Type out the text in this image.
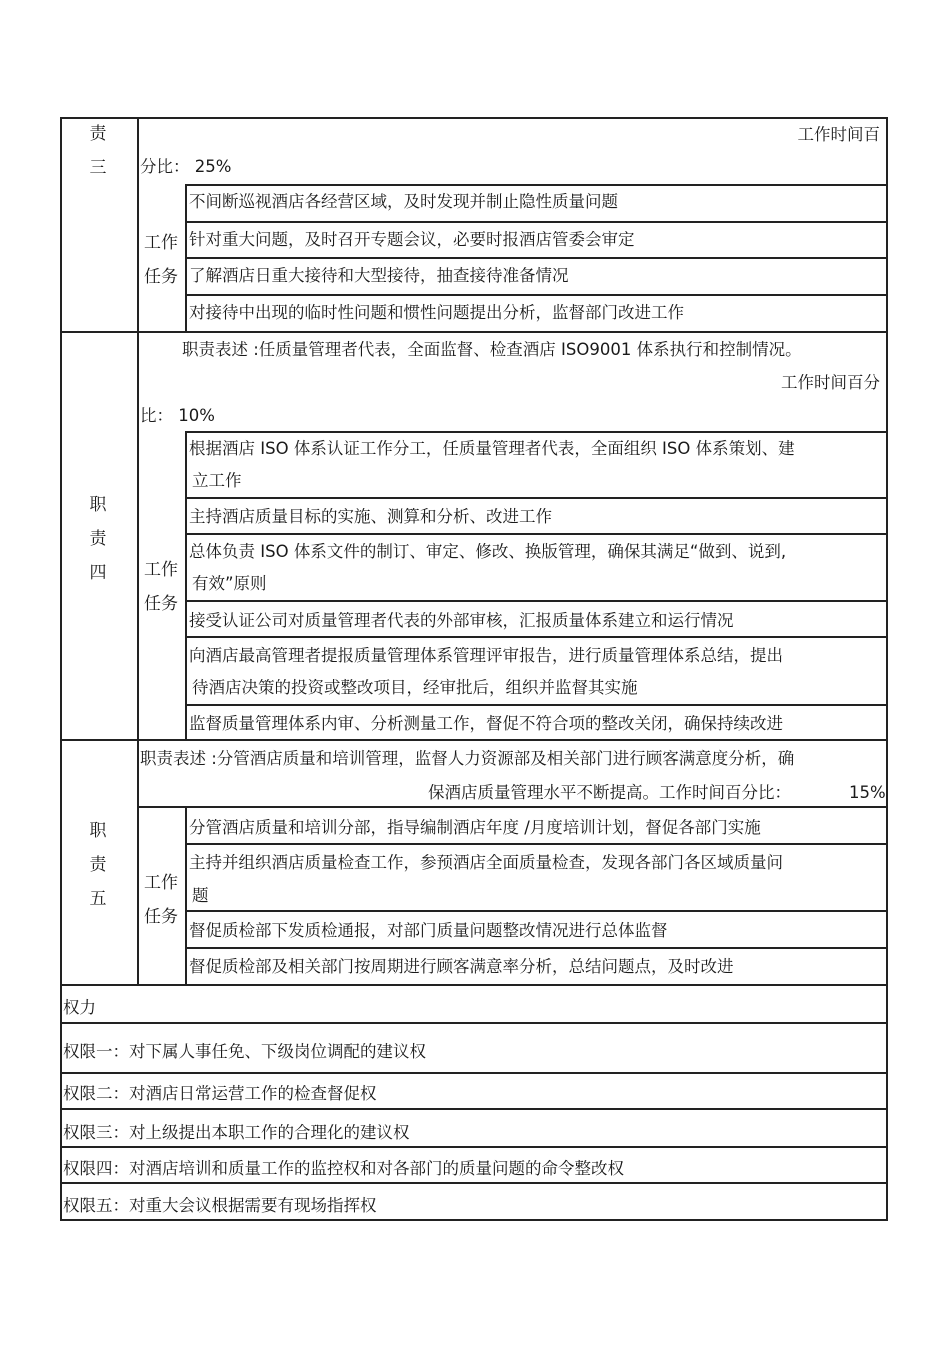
责
三
工作时间百
分比： 25%
工作
任务
不间断巡视酒店各经营区域，及时发现并制止隐性质量问题
针对重大问题，及时召开专题会议，必要时报酒店管委会审定
了解酒店日重大接待和大型接待，抽查接待准备情况
对接待中出现的临时性问题和惯性问题提出分析，监督部门改进工作
职
责
四
职责表述 :任质量管理者代表，全面监督、检查酒店 ISO9001 体系执行和控制情况。
工作时间百分
比： 10%
工作
任务
根据酒店 ISO 体系认证工作分工，任质量管理者代表，全面组织 ISO 体系策划、建
立工作
主持酒店质量目标的实施、测算和分析、改进工作
总体负责 ISO 体系文件的制订、审定、修改、换版管理，确保其满足“做到、说到,
有效”原则
接受认证公司对质量管理者代表的外部审核，汇报质量体系建立和运行情况
向酒店最高管理者提报质量管理体系管理评审报告，进行质量管理体系总结，提出
待酒店决策的投资或整改项目，经审批后，组织并监督其实施
监督质量管理体系内审、分析测量工作，督促不符合项的整改关闭，确保持续改进
职
责
五
职责表述 :分管酒店质量和培训管理，监督人力资源部及相关部门进行顾客满意度分析，确
保酒店质量管理水平不断提高。工作时间百分比：	15%
工作
任务
分管酒店质量和培训分部，指导编制酒店年度 /月度培训计划，督促各部门实施
主持并组织酒店质量检查工作，参预酒店全面质量检查，发现各部门各区域质量问
题
督促质检部下发质检通报，对部门质量问题整改情况进行总体监督
督促质检部及相关部门按周期进行顾客满意率分析，总结问题点，及时改进
权力
权限一：对下属人事任免、下级岗位调配的建议权
权限二：对酒店日常运营工作的检查督促权
权限三：对上级提出本职工作的合理化的建议权
权限四：对酒店培训和质量工作的监控权和对各部门的质量问题的命令整改权
权限五：对重大会议根据需要有现场指挥权
